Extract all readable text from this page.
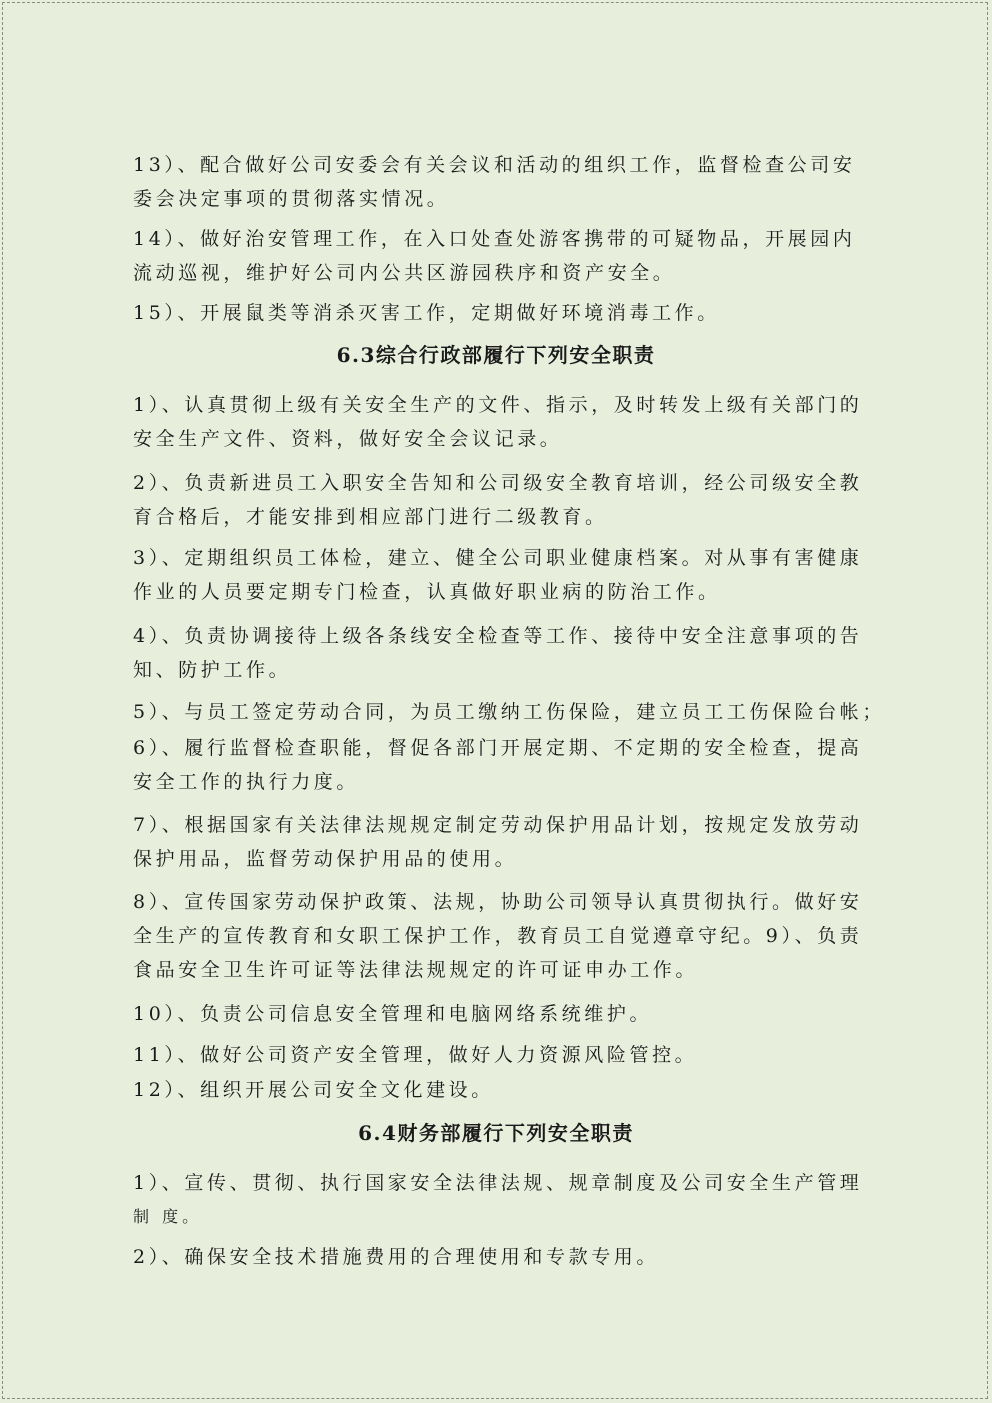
13）、配合做好公司安委会有关会议和活动的组织工作，监督检查公司安
委会决定事项的贯彻落实情况。

14）、做好治安管理工作，在入口处查处游客携带的可疑物品，开展园内
流动巡视，维护好公司内公共区游园秩序和资产安全。

15）、开展鼠类等消杀灭害工作，定期做好环境消毒工作。

6.3综合行政部履行下列安全职责

1）、认真贯彻上级有关安全生产的文件、指示，及时转发上级有关部门的
安全生产文件、资料，做好安全会议记录。

2）、负责新进员工入职安全告知和公司级安全教育培训，经公司级安全教
育合格后，才能安排到相应部门进行二级教育。

3）、定期组织员工体检，建立、健全公司职业健康档案。对从事有害健康
作业的人员要定期专门检查，认真做好职业病的防治工作。

4）、负责协调接待上级各条线安全检查等工作、接待中安全注意事项的告
知、防护工作。

5）、与员工签定劳动合同，为员工缴纳工伤保险，建立员工工伤保险台帐；

6）、履行监督检查职能，督促各部门开展定期、不定期的安全检查，提高
安全工作的执行力度。

7）、根据国家有关法律法规规定制定劳动保护用品计划，按规定发放劳动
保护用品，监督劳动保护用品的使用。

8）、宣传国家劳动保护政策、法规，协助公司领导认真贯彻执行。做好安
全生产的宣传教育和女职工保护工作，教育员工自觉遵章守纪。9）、负责
食品安全卫生许可证等法律法规规定的许可证申办工作。

10）、负责公司信息安全管理和电脑网络系统维护。

11）、做好公司资产安全管理，做好人力资源风险管控。

12）、组织开展公司安全文化建设。

6.4财务部履行下列安全职责

1）、宣传、贯彻、执行国家安全法律法规、规章制度及公司安全生产管理
制 度。

2）、确保安全技术措施费用的合理使用和专款专用。
